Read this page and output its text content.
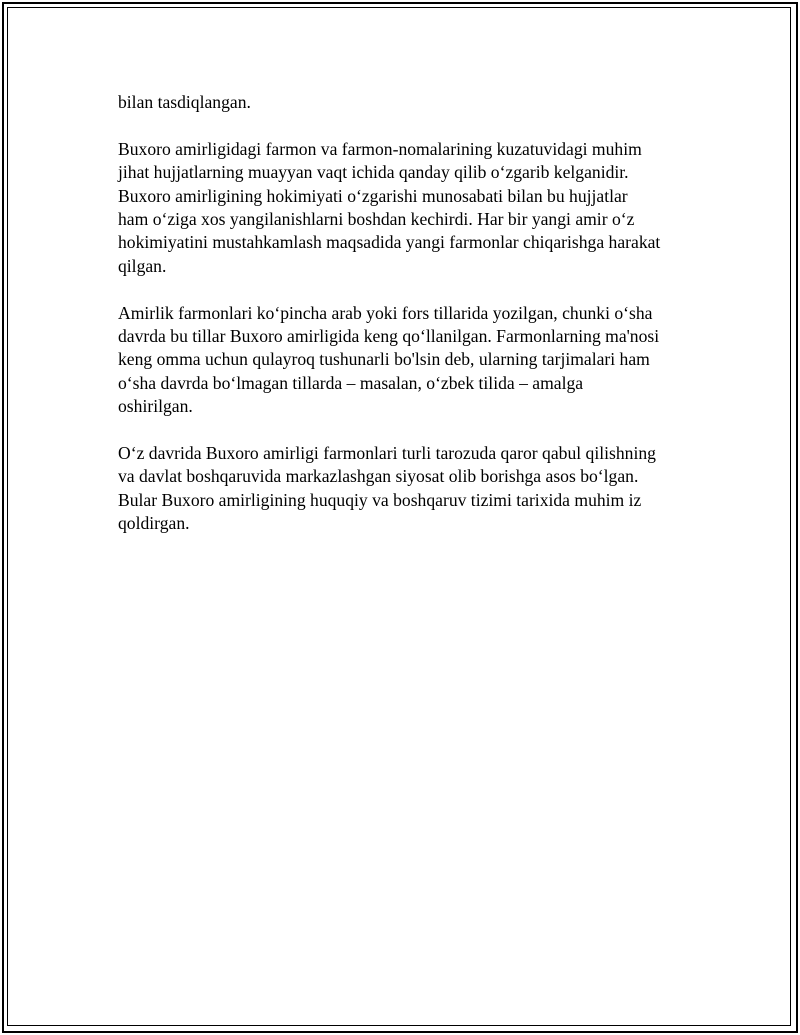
bilan tasdiqlangan.

Buxoro amirligidagi farmon va farmon-nomalarining kuzatuvidagi muhim
jihat hujjatlarning muayyan vaqt ichida qanday qilib o‘zgarib kelganidir.
Buxoro amirligining hokimiyati o‘zgarishi munosabati bilan bu hujjatlar
ham o‘ziga xos yangilanishlarni boshdan kechirdi. Har bir yangi amir o‘z
hokimiyatini mustahkamlash maqsadida yangi farmonlar chiqarishga harakat
qilgan.

Amirlik farmonlari ko‘pincha arab yoki fors tillarida yozilgan, chunki o‘sha
davrda bu tillar Buxoro amirligida keng qo‘llanilgan. Farmonlarning ma'nosi
keng omma uchun qulayroq tushunarli bo'lsin deb, ularning tarjimalari ham
o‘sha davrda bo‘lmagan tillarda – masalan, o‘zbek tilida – amalga
oshirilgan.

O‘z davrida Buxoro amirligi farmonlari turli tarozuda qaror qabul qilishning
va davlat boshqaruvida markazlashgan siyosat olib borishga asos bo‘lgan.
Bular Buxoro amirligining huquqiy va boshqaruv tizimi tarixida muhim iz
qoldirgan.
